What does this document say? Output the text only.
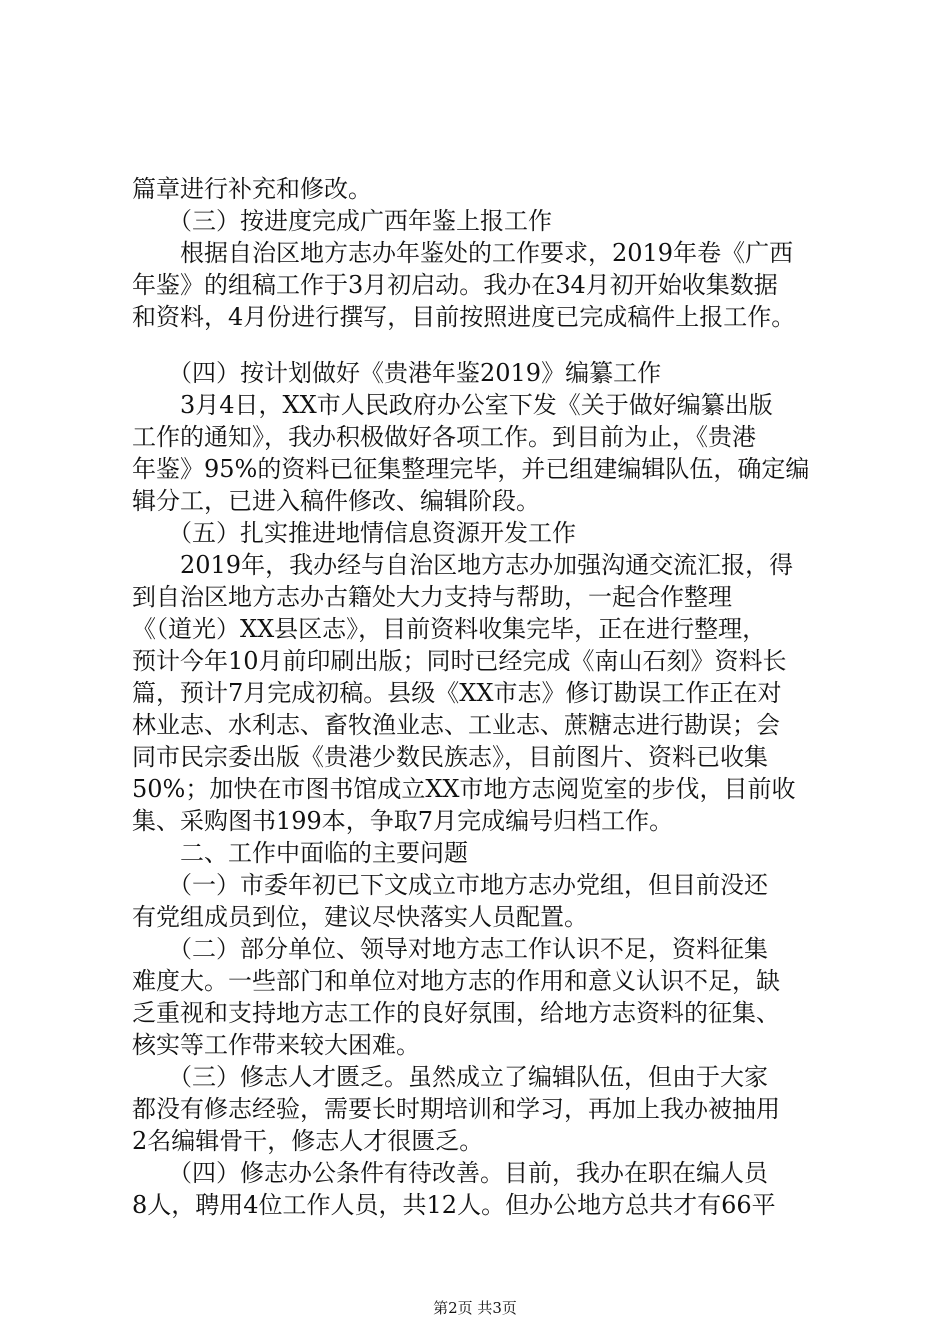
篇章进行补充和修改。
　　（三）按进度完成广西年鉴上报工作
　　根据自治区地方志办年鉴处的工作要求，2019年卷《广西
年鉴》的组稿工作于3月初启动。我办在34月初开始收集数据
和资料，4月份进行撰写，目前按照进度已完成稿件上报工作。
　　（四）按计划做好《贵港年鉴2019》编纂工作
　　3月4日，XX市人民政府办公室下发《关于做好编纂出版
工作的通知》，我办积极做好各项工作。到目前为止，《贵港
年鉴》95%的资料已征集整理完毕，并已组建编辑队伍，确定编
辑分工，已进入稿件修改、编辑阶段。
　　（五）扎实推进地情信息资源开发工作
　　2019年，我办经与自治区地方志办加强沟通交流汇报，得
到自治区地方志办古籍处大力支持与帮助，一起合作整理
《（道光）XX县区志》，目前资料收集完毕，正在进行整理，
预计今年10月前印刷出版；同时已经完成《南山石刻》资料长
篇，预计7月完成初稿。县级《XX市志》修订勘误工作正在对
林业志、水利志、畜牧渔业志、工业志、蔗糖志进行勘误；会
同市民宗委出版《贵港少数民族志》，目前图片、资料已收集
50%；加快在市图书馆成立XX市地方志阅览室的步伐，目前收
集、采购图书199本，争取7月完成编号归档工作。
　　二、工作中面临的主要问题
　　（一）市委年初已下文成立市地方志办党组，但目前没还
有党组成员到位，建议尽快落实人员配置。
　　（二）部分单位、领导对地方志工作认识不足，资料征集
难度大。一些部门和单位对地方志的作用和意义认识不足，缺
乏重视和支持地方志工作的良好氛围，给地方志资料的征集、
核实等工作带来较大困难。
　　（三）修志人才匮乏。虽然成立了编辑队伍，但由于大家
都没有修志经验，需要长时期培训和学习，再加上我办被抽用
2名编辑骨干，修志人才很匮乏。
　　（四）修志办公条件有待改善。目前，我办在职在编人员
8人，聘用4位工作人员，共12人。但办公地方总共才有66平
第2页 共3页
